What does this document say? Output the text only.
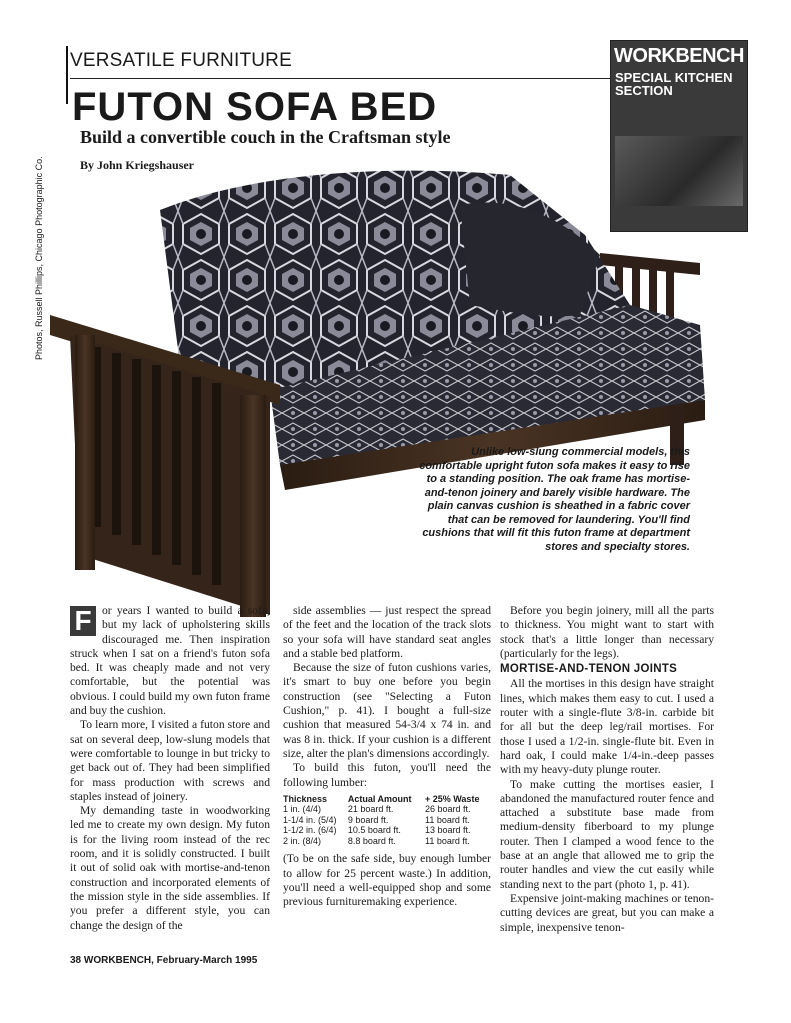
VERSATILE FURNITURE
FUTON SOFA BED
Build a convertible couch in the Craftsman style
By John Kriegshauser
WORKBENCH
SPECIAL KITCHEN SECTION
Photos, Russell Phillips, Chicago Photographic Co.
Unlike low-slung commercial models, this comfortable upright futon sofa makes it easy to rise to a standing position. The oak frame has mortise-and-tenon joinery and barely visible hardware. The plain canvas cushion is sheathed in a fabric cover that can be removed for laundering. You'll find cushions that will fit this futon frame at department stores and specialty stores.

F or years I wanted to build a sofa, but my lack of upholstering skills discouraged me. Then inspiration struck when I sat on a friend's futon sofa bed. It was cheaply made and not very comfortable, but the potential was obvious. I could build my own futon frame and buy the cushion.

To learn more, I visited a futon store and sat on several deep, low-slung models that were comfortable to lounge in but tricky to get back out of. They had been simplified for mass production with screws and staples instead of joinery.

My demanding taste in woodworking led me to create my own design. My futon is for the living room instead of the rec room, and it is solidly constructed. I built it out of solid oak with mortise-and-tenon construction and incorporated elements of the mission style in the side assemblies. If you prefer a different style, you can change the design of the

side assemblies — just respect the spread of the feet and the location of the track slots so your sofa will have standard seat angles and a stable bed platform.

Because the size of futon cushions varies, it's smart to buy one before you begin construction (see "Selecting a Futon Cushion," p. 41). I bought a full-size cushion that measured 54-3/4 x 74 in. and was 8 in. thick. If your cushion is a different size, alter the plan's dimensions accordingly.

To build this futon, you'll need the following lumber:

Thickness	Actual Amount	+ 25% Waste
1 in. (4/4)	21 board ft.	26 board ft.
1-1/4 in. (5/4)	9 board ft.	11 board ft.
1-1/2 in. (6/4)	10.5 board ft.	13 board ft.
2 in. (8/4)	8.8 board ft.	11 board ft.

(To be on the safe side, buy enough lumber to allow for 25 percent waste.) In addition, you'll need a well-equipped shop and some previous furnituremaking experience.

Before you begin joinery, mill all the parts to thickness. You might want to start with stock that's a little longer than necessary (particularly for the legs).

MORTISE-AND-TENON JOINTS

All the mortises in this design have straight lines, which makes them easy to cut. I used a router with a single-flute 3/8-in. carbide bit for all but the deep leg/rail mortises. For those I used a 1/2-in. single-flute bit. Even in hard oak, I could make 1/4-in.-deep passes with my heavy-duty plunge router.

To make cutting the mortises easier, I abandoned the manufactured router fence and attached a substitute base made from medium-density fiberboard to my plunge router. Then I clamped a wood fence to the base at an angle that allowed me to grip the router handles and view the cut easily while standing next to the part (photo 1, p. 41).

Expensive joint-making machines or tenon-cutting devices are great, but you can make a simple, inexpensive tenon-

38 WORKBENCH, February-March 1995
